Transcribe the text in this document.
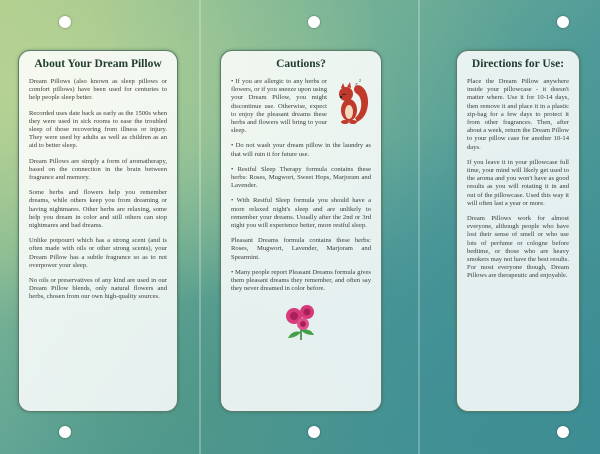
About Your Dream Pillow

Dream Pillows (also known as sleep pillows or comfort pillows) have been used for centuries to help people sleep better.

Recorded uses date back as early as the 1500s when they were used in sick rooms to ease the troubled sleep of those recovering from illness or injury. They were used by adults as well as children as an aid to better sleep.

Dream Pillows are simply a form of aromatherapy, based on the connection in the brain between fragrance and memory.

Some herbs and flowers help you remember dreams, while others keep you from dreaming or having nightmares. Other herbs are relaxing, some help you dream in color and still others can stop nightmares and bad dreams.

Unlike potpourri which has a strong scent (and is often made with oils or other strong scents), your Dream Pillow has a subtle fragrance so as to not overpower your sleep.

No oils or preservatives of any kind are used in our Dream Pillow blends, only natural flowers and herbs, chosen from our own high-quality sources.

Cautions?
z
z

• If you are allergic to any herbs or flowers, or if you sneeze upon using your Dream Pillow, you might discontinue use. Otherwise, expect to enjoy the pleasant dreams these herbs and flowers will bring to your sleep.

• Do not wash your dream pillow in the laundry as that will ruin it for future use.

• Restful Sleep Therapy formula contains these herbs: Roses, Mugwort, Sweet Hops, Marjoram and Lavender.

• With Restful Sleep formula you should have a more relaxed night's sleep and are unlikely to remember your dreams. Usually after the 2nd or 3rd night you will experience better, more restful sleep.

Pleasant Dreams formula contains these herbs: Roses, Mugwort, Lavender, Marjoram and Spearmint.

• Many people report Pleasant Dreams formula gives them pleasant dreams they remember, and often say they never dreamed in color before.

Directions for Use:

Place the Dream Pillow anywhere inside your pillowcase - it doesn't matter where. Use it for 10-14 days, then remove it and place it in a plastic zip-bag for a few days to protect it from other fragrances. Then, after about a week, return the Dream Pillow to your pillow case for another 10-14 days.

If you leave it in your pillowcase full time, your mind will likely get used to the aroma and you won't have as good results as you will rotating it in and out of the pillowcase. Used this way it will often last a year or more.

Dream Pillows work for almost everyone, although people who have lost their sense of smell or who use lots of perfume or cologne before bedtime, or those who are heavy smokers may not have the best results. For most everyone though, Dream Pillows are therapeutic and enjoyable.
